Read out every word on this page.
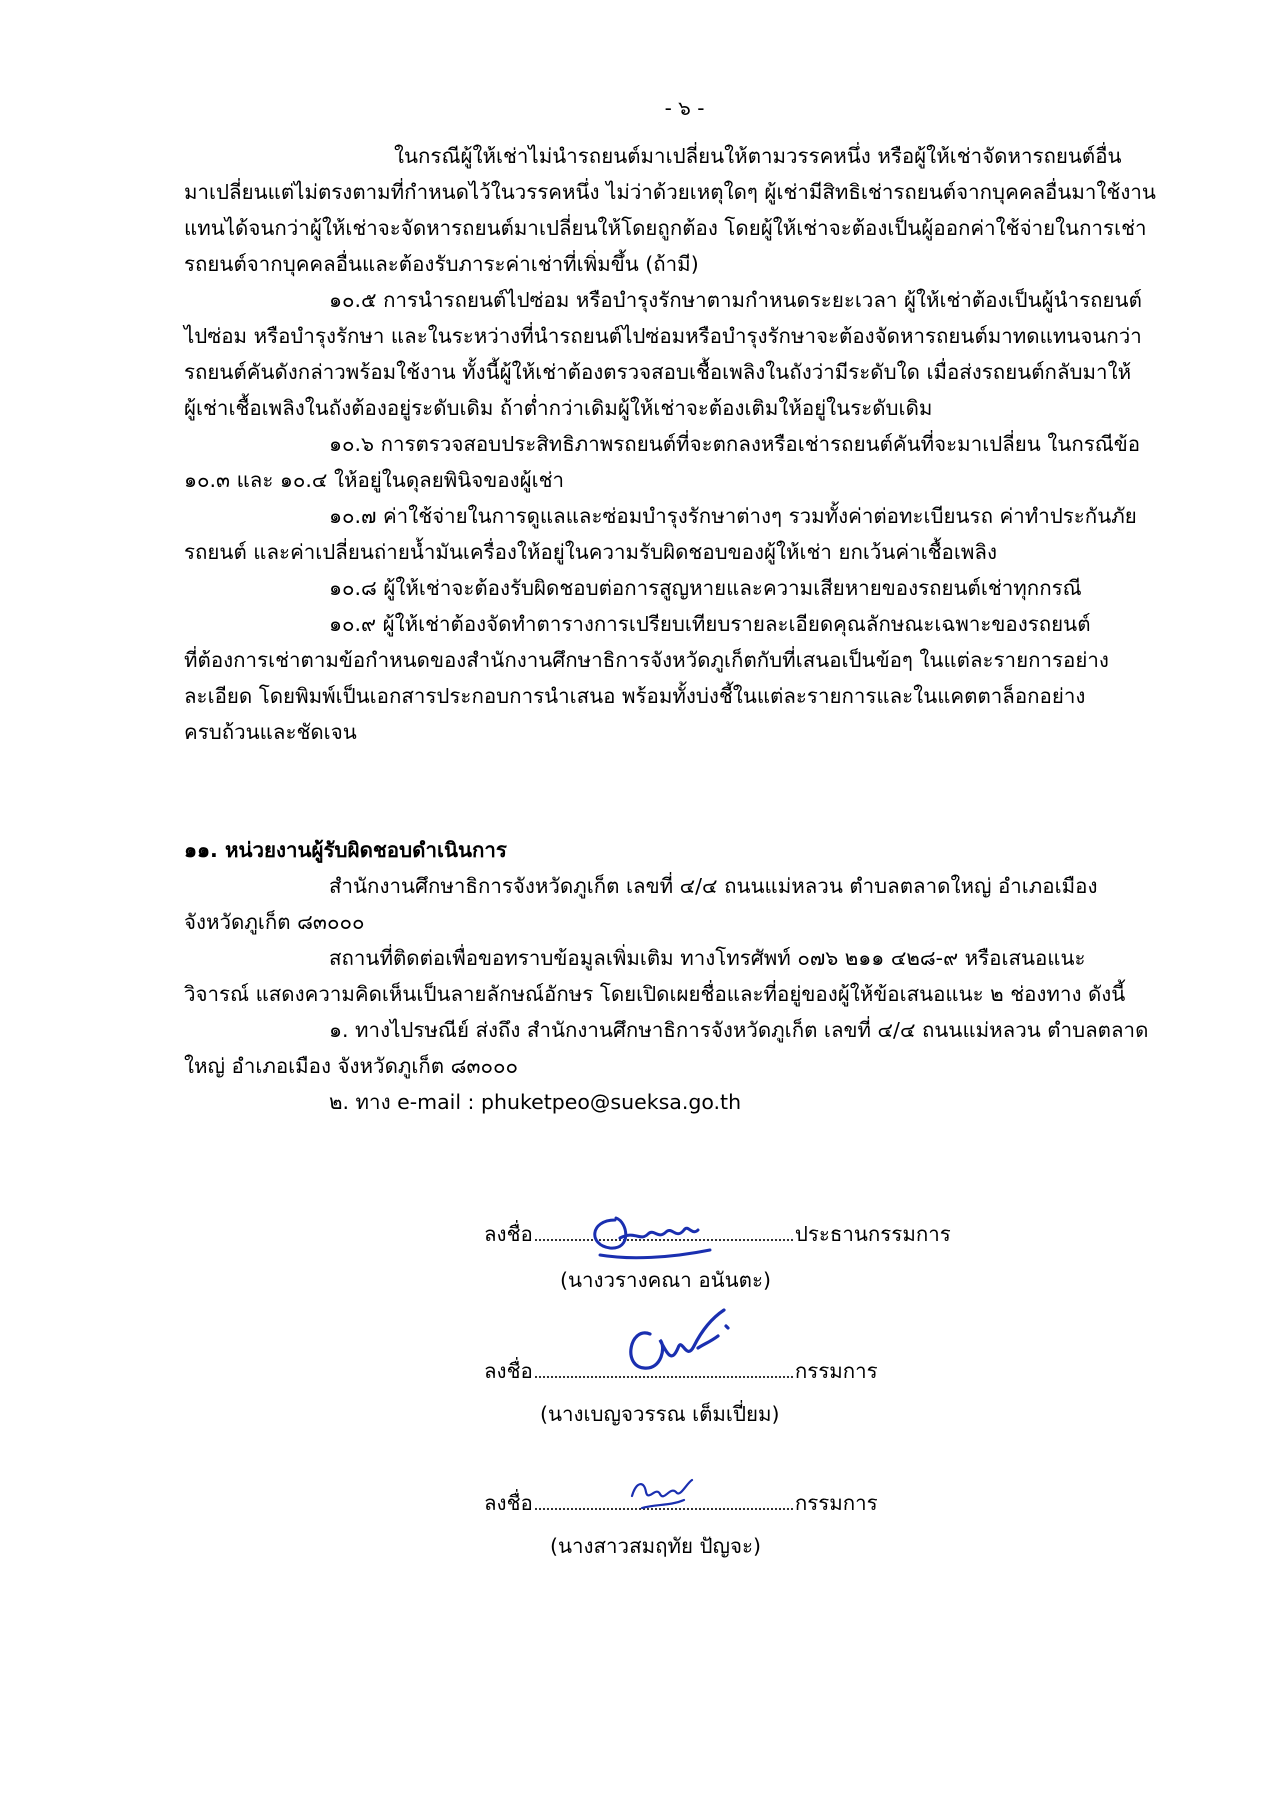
- ๖ -
ในกรณีผู้ให้เช่าไม่นำรถยนต์มาเปลี่ยนให้ตามวรรคหนึ่ง หรือผู้ให้เช่าจัดหารถยนต์อื่น
มาเปลี่ยนแต่ไม่ตรงตามที่กำหนดไว้ในวรรคหนึ่ง ไม่ว่าด้วยเหตุใดๆ ผู้เช่ามีสิทธิเช่ารถยนต์จากบุคคลอื่นมาใช้งาน
แทนได้จนกว่าผู้ให้เช่าจะจัดหารถยนต์มาเปลี่ยนให้โดยถูกต้อง โดยผู้ให้เช่าจะต้องเป็นผู้ออกค่าใช้จ่ายในการเช่า
รถยนต์จากบุคคลอื่นและต้องรับภาระค่าเช่าที่เพิ่มขึ้น (ถ้ามี)
๑๐.๕ การนำรถยนต์ไปซ่อม หรือบำรุงรักษาตามกำหนดระยะเวลา ผู้ให้เช่าต้องเป็นผู้นำรถยนต์
ไปซ่อม หรือบำรุงรักษา และในระหว่างที่นำรถยนต์ไปซ่อมหรือบำรุงรักษาจะต้องจัดหารถยนต์มาทดแทนจนกว่า
รถยนต์คันดังกล่าวพร้อมใช้งาน ทั้งนี้ผู้ให้เช่าต้องตรวจสอบเชื้อเพลิงในถังว่ามีระดับใด เมื่อส่งรถยนต์กลับมาให้
ผู้เช่าเชื้อเพลิงในถังต้องอยู่ระดับเดิม ถ้าต่ำกว่าเดิมผู้ให้เช่าจะต้องเติมให้อยู่ในระดับเดิม
๑๐.๖ การตรวจสอบประสิทธิภาพรถยนต์ที่จะตกลงหรือเช่ารถยนต์คันที่จะมาเปลี่ยน ในกรณีข้อ
๑๐.๓ และ ๑๐.๔ ให้อยู่ในดุลยพินิจของผู้เช่า
๑๐.๗ ค่าใช้จ่ายในการดูแลและซ่อมบำรุงรักษาต่างๆ รวมทั้งค่าต่อทะเบียนรถ ค่าทำประกันภัย
รถยนต์ และค่าเปลี่ยนถ่ายน้ำมันเครื่องให้อยู่ในความรับผิดชอบของผู้ให้เช่า ยกเว้นค่าเชื้อเพลิง
๑๐.๘ ผู้ให้เช่าจะต้องรับผิดชอบต่อการสูญหายและความเสียหายของรถยนต์เช่าทุกกรณี
๑๐.๙ ผู้ให้เช่าต้องจัดทำตารางการเปรียบเทียบรายละเอียดคุณลักษณะเฉพาะของรถยนต์
ที่ต้องการเช่าตามข้อกำหนดของสำนักงานศึกษาธิการจังหวัดภูเก็ตกับที่เสนอเป็นข้อๆ ในแต่ละรายการอย่าง
ละเอียด โดยพิมพ์เป็นเอกสารประกอบการนำเสนอ พร้อมทั้งบ่งชี้ในแต่ละรายการและในแคตตาล็อกอย่าง
ครบถ้วนและชัดเจน
๑๑. หน่วยงานผู้รับผิดชอบดำเนินการ
สำนักงานศึกษาธิการจังหวัดภูเก็ต เลขที่ ๔/๔ ถนนแม่หลวน ตำบลตลาดใหญ่ อำเภอเมือง
จังหวัดภูเก็ต ๘๓๐๐๐
สถานที่ติดต่อเพื่อขอทราบข้อมูลเพิ่มเติม ทางโทรศัพท์ ๐๗๖ ๒๑๑ ๔๒๘-๙ หรือเสนอแนะ
วิจารณ์ แสดงความคิดเห็นเป็นลายลักษณ์อักษร โดยเปิดเผยชื่อและที่อยู่ของผู้ให้ข้อเสนอแนะ ๒ ช่องทาง ดังนี้
๑. ทางไปรษณีย์ ส่งถึง สำนักงานศึกษาธิการจังหวัดภูเก็ต เลขที่ ๔/๔ ถนนแม่หลวน ตำบลตลาด
ใหญ่ อำเภอเมือง จังหวัดภูเก็ต ๘๓๐๐๐
๒. ทาง e-mail : phuketpeo@sueksa.go.th
ลงชื่อ	ประธานกรรมการ
(นางวรางคณา อนันตะ)
ลงชื่อ	กรรมการ
(นางเบญจวรรณ เต็มเปี่ยม)
ลงชื่อ	กรรมการ
(นางสาวสมฤทัย ปัญจะ)
